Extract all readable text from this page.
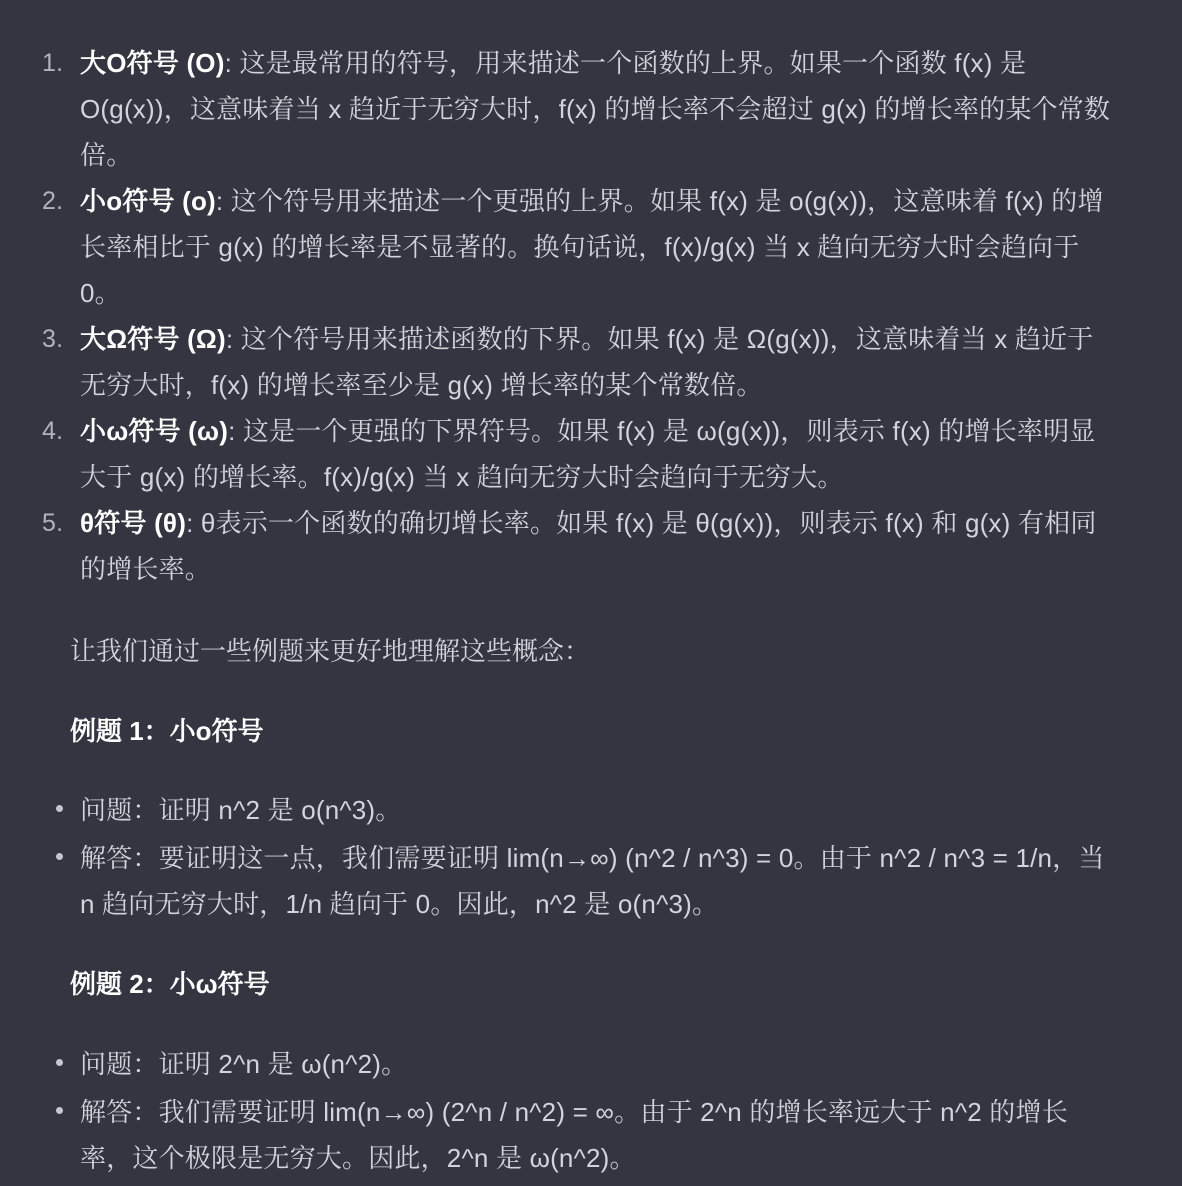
1. 大O符号 (O): 这是最常用的符号，用来描述一个函数的上界。如果一个函数 f(x) 是 O(g(x))，这意味着当 x 趋近于无穷大时，f(x) 的增长率不会超过 g(x) 的增长率的某个常数倍。
2. 小o符号 (o): 这个符号用来描述一个更强的上界。如果 f(x) 是 o(g(x))，这意味着 f(x) 的增长率相比于 g(x) 的增长率是不显著的。换句话说，f(x)/g(x) 当 x 趋向无穷大时会趋向于 0。
3. 大Ω符号 (Ω): 这个符号用来描述函数的下界。如果 f(x) 是 Ω(g(x))，这意味着当 x 趋近于无穷大时，f(x) 的增长率至少是 g(x) 增长率的某个常数倍。
4. 小ω符号 (ω): 这是一个更强的下界符号。如果 f(x) 是 ω(g(x))，则表示 f(x) 的增长率明显大于 g(x) 的增长率。f(x)/g(x) 当 x 趋向无穷大时会趋向于无穷大。
5. θ符号 (θ): θ表示一个函数的确切增长率。如果 f(x) 是 θ(g(x))，则表示 f(x) 和 g(x) 有相同的增长率。

让我们通过一些例题来更好地理解这些概念：

例题 1：小o符号
问题：证明 n^2 是 o(n^3)。
解答：要证明这一点，我们需要证明 lim(n→∞) (n^2 / n^3) = 0。由于 n^2 / n^3 = 1/n，当 n 趋向无穷大时，1/n 趋向于 0。因此，n^2 是 o(n^3)。
例题 2：小ω符号
问题：证明 2^n 是 ω(n^2)。
解答：我们需要证明 lim(n→∞) (2^n / n^2) = ∞。由于 2^n 的增长率远大于 n^2 的增长率，这个极限是无穷大。因此，2^n 是 ω(n^2)。
